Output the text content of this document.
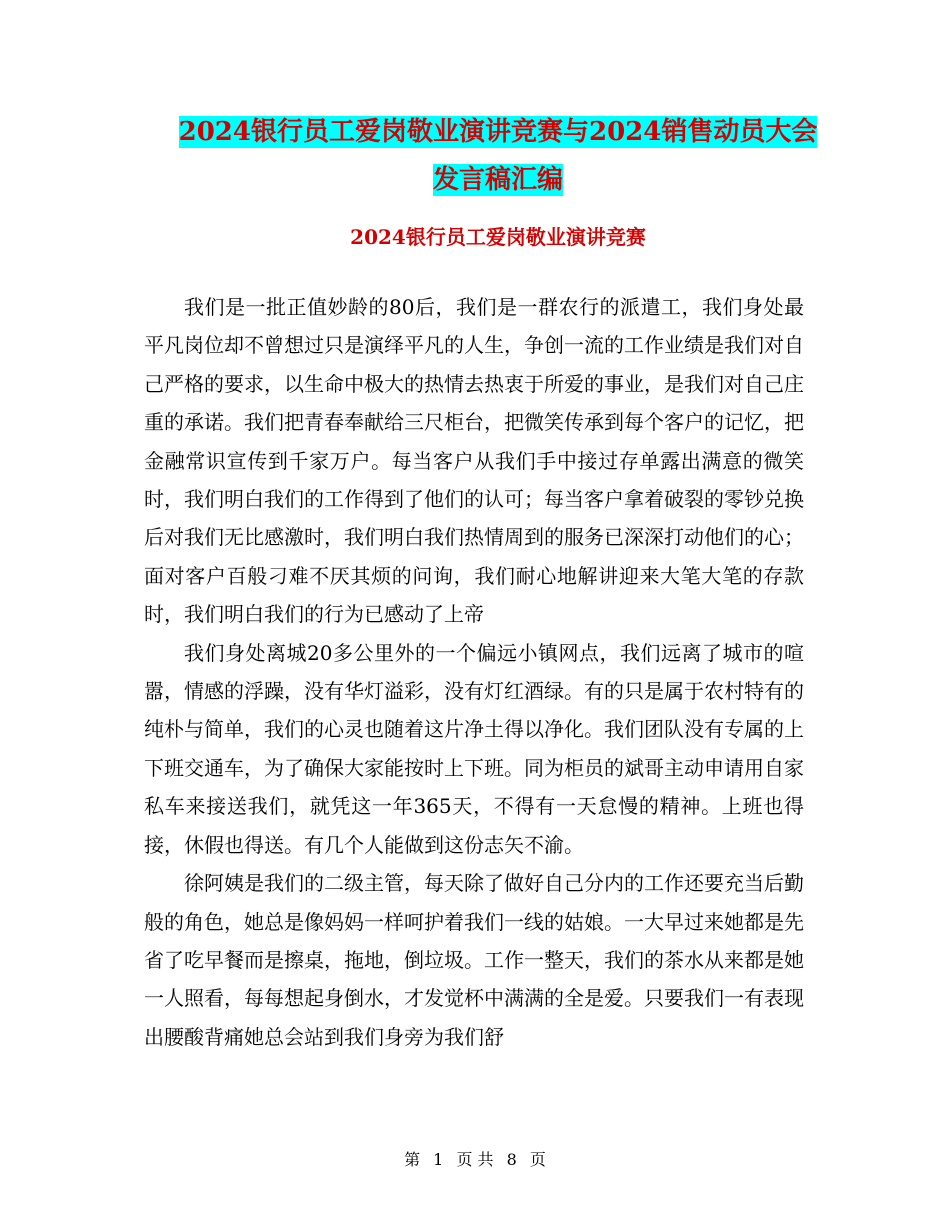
2024银行员工爱岗敬业演讲竞赛与2024销售动员大会
发言稿汇编
2024银行员工爱岗敬业演讲竞赛

我们是一批正值妙龄的80后，我们是一群农行的派遣工，我们身处最平凡岗位却不曾想过只是演绎平凡的人生，争创一流的工作业绩是我们对自己严格的要求，以生命中极大的热情去热衷于所爱的事业，是我们对自己庄重的承诺。我们把青春奉献给三尺柜台，把微笑传承到每个客户的记忆，把金融常识宣传到千家万户。每当客户从我们手中接过存单露出满意的微笑时，我们明白我们的工作得到了他们的认可；每当客户拿着破裂的零钞兑换后对我们无比感激时，我们明白我们热情周到的服务已深深打动他们的心；面对客户百般刁难不厌其烦的问询，我们耐心地解讲迎来大笔大笔的存款时，我们明白我们的行为已感动了上帝

我们身处离城20多公里外的一个偏远小镇网点，我们远离了城市的喧嚣，情感的浮躁，没有华灯溢彩，没有灯红酒绿。有的只是属于农村特有的纯朴与简单，我们的心灵也随着这片净土得以净化。我们团队没有专属的上下班交通车，为了确保大家能按时上下班。同为柜员的斌哥主动申请用自家私车来接送我们，就凭这一年365天，不得有一天怠慢的精神。上班也得接，休假也得送。有几个人能做到这份志矢不渝。

徐阿姨是我们的二级主管，每天除了做好自己分内的工作还要充当后勤般的角色，她总是像妈妈一样呵护着我们一线的姑娘。一大早过来她都是先省了吃早餐而是擦桌，拖地，倒垃圾。工作一整天，我们的茶水从来都是她一人照看，每每想起身倒水，才发觉杯中满满的全是爱。只要我们一有表现出腰酸背痛她总会站到我们身旁为我们舒

第 1 页 共 8 页
